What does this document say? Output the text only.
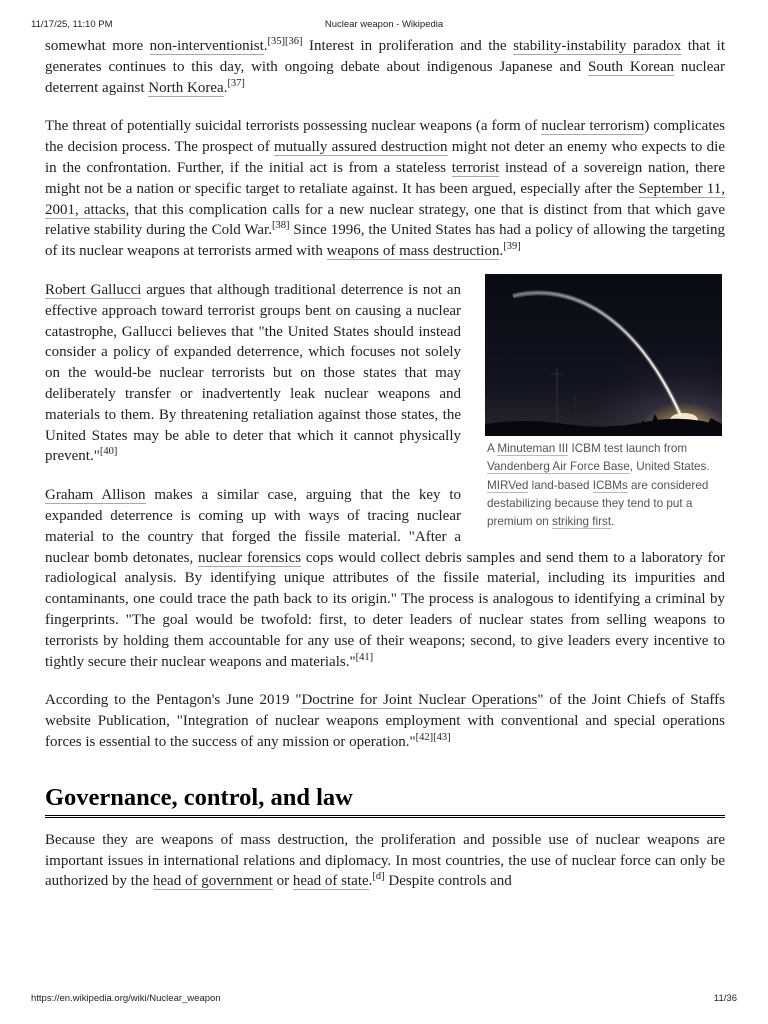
11/17/25, 11:10 PM	Nuclear weapon - Wikipedia

somewhat more non-interventionist.[35][36] Interest in proliferation and the stability-instability paradox that it generates continues to this day, with ongoing debate about indigenous Japanese and South Korean nuclear deterrent against North Korea.[37]

The threat of potentially suicidal terrorists possessing nuclear weapons (a form of nuclear terrorism) complicates the decision process. The prospect of mutually assured destruction might not deter an enemy who expects to die in the confrontation. Further, if the initial act is from a stateless terrorist instead of a sovereign nation, there might not be a nation or specific target to retaliate against. It has been argued, especially after the September 11, 2001, attacks, that this complication calls for a new nuclear strategy, one that is distinct from that which gave relative stability during the Cold War.[38] Since 1996, the United States has had a policy of allowing the targeting of its nuclear weapons at terrorists armed with weapons of mass destruction.[39]

A Minuteman III ICBM test launch from Vandenberg Air Force Base, United States. MIRVed land-based ICBMs are considered destabilizing because they tend to put a premium on striking first.

Robert Gallucci argues that although traditional deterrence is not an effective approach toward terrorist groups bent on causing a nuclear catastrophe, Gallucci believes that "the United States should instead consider a policy of expanded deterrence, which focuses not solely on the would-be nuclear terrorists but on those states that may deliberately transfer or inadvertently leak nuclear weapons and materials to them. By threatening retaliation against those states, the United States may be able to deter that which it cannot physically prevent."[40]

Graham Allison makes a similar case, arguing that the key to expanded deterrence is coming up with ways of tracing nuclear material to the country that forged the fissile material. "After a nuclear bomb detonates, nuclear forensics cops would collect debris samples and send them to a laboratory for radiological analysis. By identifying unique attributes of the fissile material, including its impurities and contaminants, one could trace the path back to its origin." The process is analogous to identifying a criminal by fingerprints. "The goal would be twofold: first, to deter leaders of nuclear states from selling weapons to terrorists by holding them accountable for any use of their weapons; second, to give leaders every incentive to tightly secure their nuclear weapons and materials."[41]

According to the Pentagon's June 2019 "Doctrine for Joint Nuclear Operations" of the Joint Chiefs of Staffs website Publication, "Integration of nuclear weapons employment with conventional and special operations forces is essential to the success of any mission or operation."[42][43]

Governance, control, and law

Because they are weapons of mass destruction, the proliferation and possible use of nuclear weapons are important issues in international relations and diplomacy. In most countries, the use of nuclear force can only be authorized by the head of government or head of state.[d] Despite controls and

https://en.wikipedia.org/wiki/Nuclear_weapon	11/36
